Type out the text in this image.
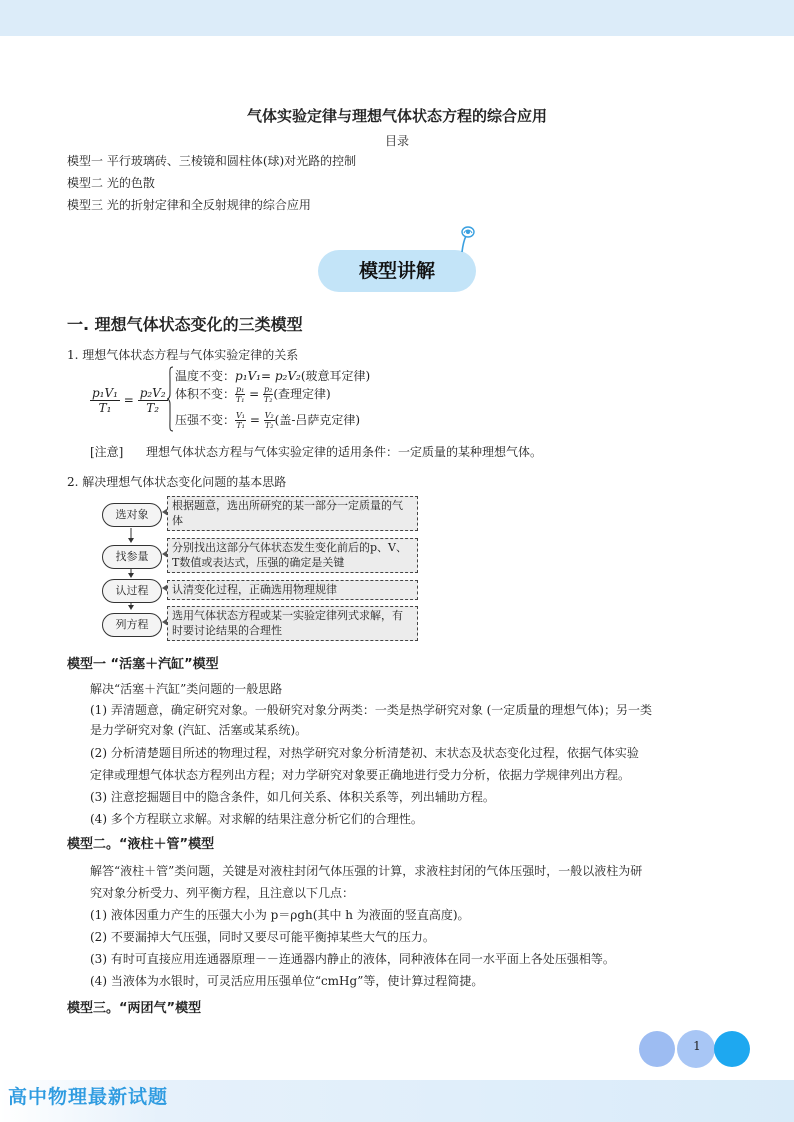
气体实验定律与理想气体状态方程的综合应用
目录
模型一 平行玻璃砖、三棱镜和圆柱体(球)对光路的控制
模型二 光的色散
模型三 光的折射定律和全反射规律的综合应用
模型讲解
一. 理想气体状态变化的三类模型
1. 理想气体状态方程与气体实验定律的关系
$\frac{\text{p₁V₁}}{\text{T₁}} = \frac{\text{p₂V₂}}{\text{T₂}}$
温度不变：p₁V₁= p₂V₂(玻意耳定律)
体积不变： $\frac{\text{p₁}}{\text{T₁}} = \frac{\text{p₂}}{\text{T₂}}$ (查理定律)
压强不变： $\frac{\text{V₁}}{\text{T₁}} = \frac{\text{V₂}}{\text{T₂}}$ (盖-吕萨克定律)
[注意] 理想气体状态方程与气体实验定律的适用条件：一定质量的某种理想气体。
2. 解决理想气体状态变化问题的基本思路
选对象
根据题意，选出所研究的某一部分一定质量的气体
找参量
分别找出这部分气体状态发生变化前后的p、V、T数值或表达式，压强的确定是关键
认过程	认清变化过程，正确选用物理规律
列方程
选用气体状态方程或某一实验定律列式求解，有时要讨论结果的合理性
模型一 “活塞＋汽缸”模型
解决“活塞＋汽缸”类问题的一般思路
(1) 弄清题意，确定研究对象。一般研究对象分两类：一类是热学研究对象 (一定质量的理想气体)；另一类
是力学研究对象 (汽缸、活塞或某系统)。
(2) 分析清楚题目所述的物理过程，对热学研究对象分析清楚初、末状态及状态变化过程，依据气体实验
定律或理想气体状态方程列出方程；对力学研究对象要正确地进行受力分析，依据力学规律列出方程。
(3) 注意挖掘题目中的隐含条件，如几何关系、体积关系等，列出辅助方程。
(4) 多个方程联立求解。对求解的结果注意分析它们的合理性。
模型二。“液柱＋管”模型
解答“液柱＋管”类问题，关键是对液柱封闭气体压强的计算，求液柱封闭的气体压强时，一般以液柱为研
究对象分析受力、列平衡方程，且注意以下几点：
(1) 液体因重力产生的压强大小为 p＝ρgh(其中 h 为液面的竖直高度)。
(2) 不要漏掉大气压强，同时又要尽可能平衡掉某些大气的压力。
(3) 有时可直接应用连通器原理－－连通器内静止的液体，同种液体在同一水平面上各处压强相等。
(4) 当液体为水银时，可灵活应用压强单位“cmHg”等，使计算过程简捷。
模型三。“两团气”模型
1
高中物理最新试题
